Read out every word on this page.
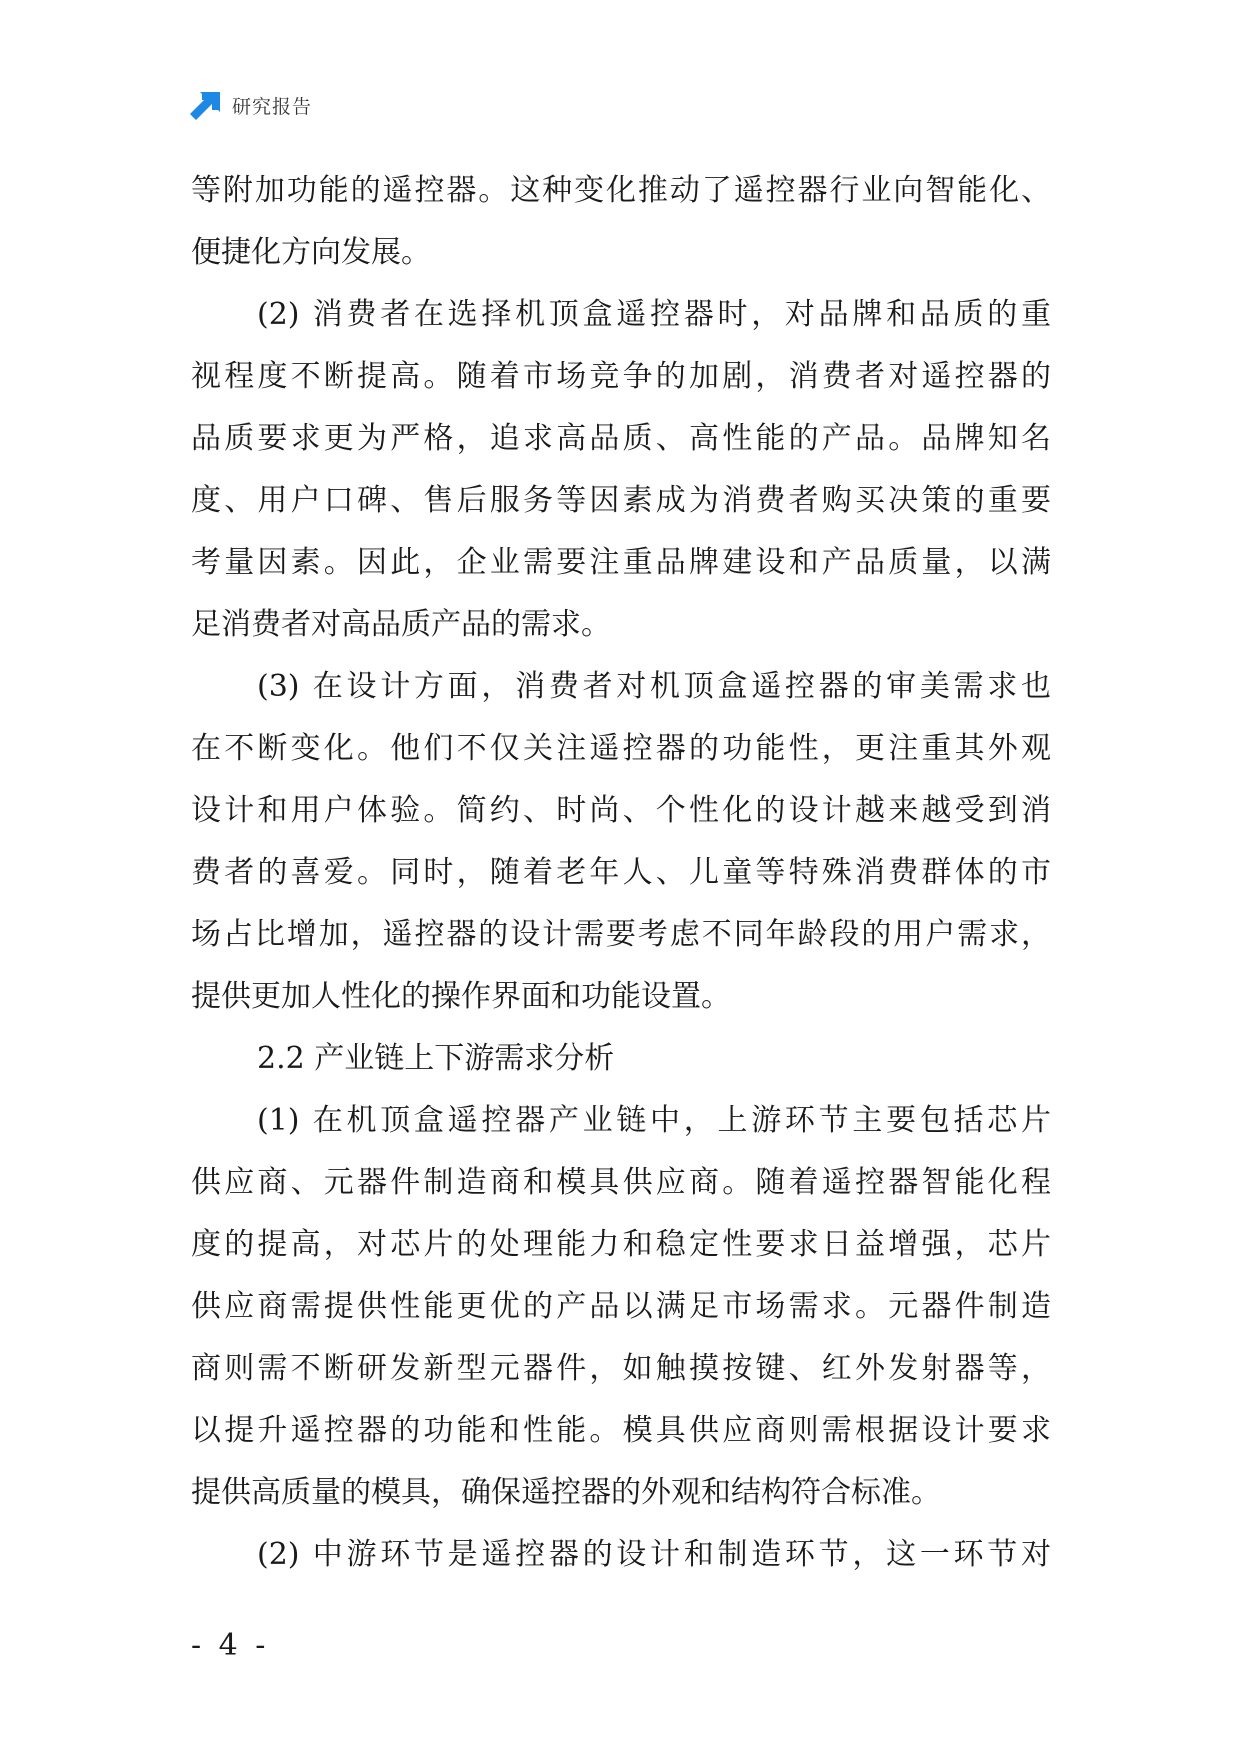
研究报告
等附加功能的遥控器。这种变化推动了遥控器行业向智能化、
便捷化方向发展。
(2) 消费者在选择机顶盒遥控器时，对品牌和品质的重
视程度不断提高。随着市场竞争的加剧，消费者对遥控器的
品质要求更为严格，追求高品质、高性能的产品。品牌知名
度、用户口碑、售后服务等因素成为消费者购买决策的重要
考量因素。因此，企业需要注重品牌建设和产品质量，以满
足消费者对高品质产品的需求。
(3) 在设计方面，消费者对机顶盒遥控器的审美需求也
在不断变化。他们不仅关注遥控器的功能性，更注重其外观
设计和用户体验。简约、时尚、个性化的设计越来越受到消
费者的喜爱。同时，随着老年人、儿童等特殊消费群体的市
场占比增加，遥控器的设计需要考虑不同年龄段的用户需求，
提供更加人性化的操作界面和功能设置。
2.2 产业链上下游需求分析
(1) 在机顶盒遥控器产业链中，上游环节主要包括芯片
供应商、元器件制造商和模具供应商。随着遥控器智能化程
度的提高，对芯片的处理能力和稳定性要求日益增强，芯片
供应商需提供性能更优的产品以满足市场需求。元器件制造
商则需不断研发新型元器件，如触摸按键、红外发射器等，
以提升遥控器的功能和性能。模具供应商则需根据设计要求
提供高质量的模具，确保遥控器的外观和结构符合标准。
(2) 中游环节是遥控器的设计和制造环节，这一环节对
- 4 -
